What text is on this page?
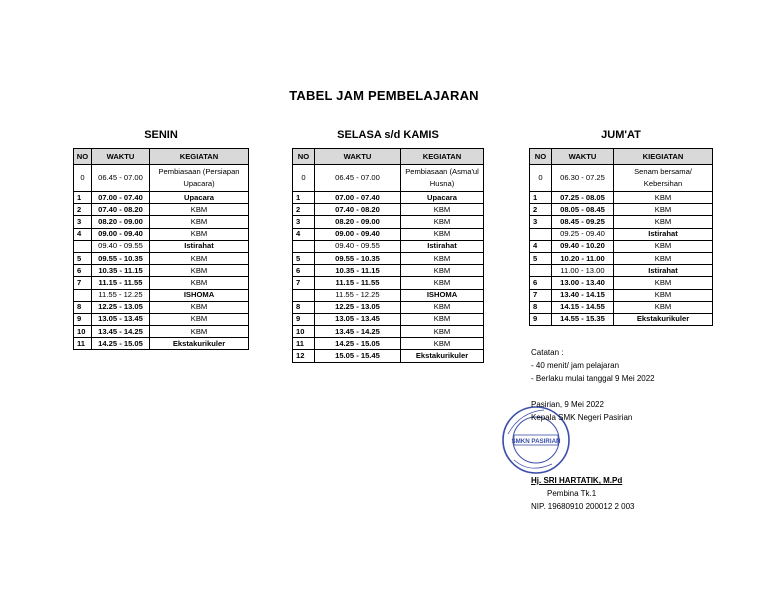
TABEL JAM PEMBELAJARAN
SENIN	SELASA s/d KAMIS	JUM'AT
NO	WAKTU	KEGIATAN
0	06.45 - 07.00	Pembiasaan (Persiapan Upacara)
1	07.00 - 07.40	Upacara
2	07.40 - 08.20	KBM
3	08.20 - 09.00	KBM
4	09.00 - 09.40	KBM
	09.40 - 09.55	Istirahat
5	09.55 - 10.35	KBM
6	10.35 - 11.15	KBM
7	11.15 - 11.55	KBM
	11.55 - 12.25	ISHOMA
8	12.25 - 13.05	KBM
9	13.05 - 13.45	KBM
10	13.45 - 14.25	KBM
11	14.25 - 15.05	Ekstakurikuler
NO	WAKTU	KEGIATAN
0	06.45 - 07.00	Pembiasaan (Asma'ul Husna)
1	07.00 - 07.40	Upacara
2	07.40 - 08.20	KBM
3	08.20 - 09.00	KBM
4	09.00 - 09.40	KBM
	09.40 - 09.55	Istirahat
5	09.55 - 10.35	KBM
6	10.35 - 11.15	KBM
7	11.15 - 11.55	KBM
	11.55 - 12.25	ISHOMA
8	12.25 - 13.05	KBM
9	13.05 - 13.45	KBM
10	13.45 - 14.25	KBM
11	14.25 - 15.05	KBM
12	15.05 - 15.45	Ekstakurikuler
NO	WAKTU	KIEGIATAN
0	06.30 - 07.25	Senam bersama/ Kebersihan
1	07.25 - 08.05	KBM
2	08.05 - 08.45	KBM
3	08.45 - 09.25	KBM
	09.25 - 09.40	Istirahat
4	09.40 - 10.20	KBM
5	10.20 - 11.00	KBM
	11.00 - 13.00	Istirahat
6	13.00 - 13.40	KBM
7	13.40 - 14.15	KBM
8	14.15 - 14.55	KBM
9	14.55 - 15.35	Ekstakurikuler
Catatan :
- 40 menit/ jam pelajaran
- Berlaku mulai tanggal 9 Mei 2022
SMKN PASIRIAN
Pasirian, 9 Mei 2022
Kepala SMK Negeri Pasirian
Hj. SRI HARTATIK, M.Pd
Pembina Tk.1
NIP. 19680910 200012 2 003
